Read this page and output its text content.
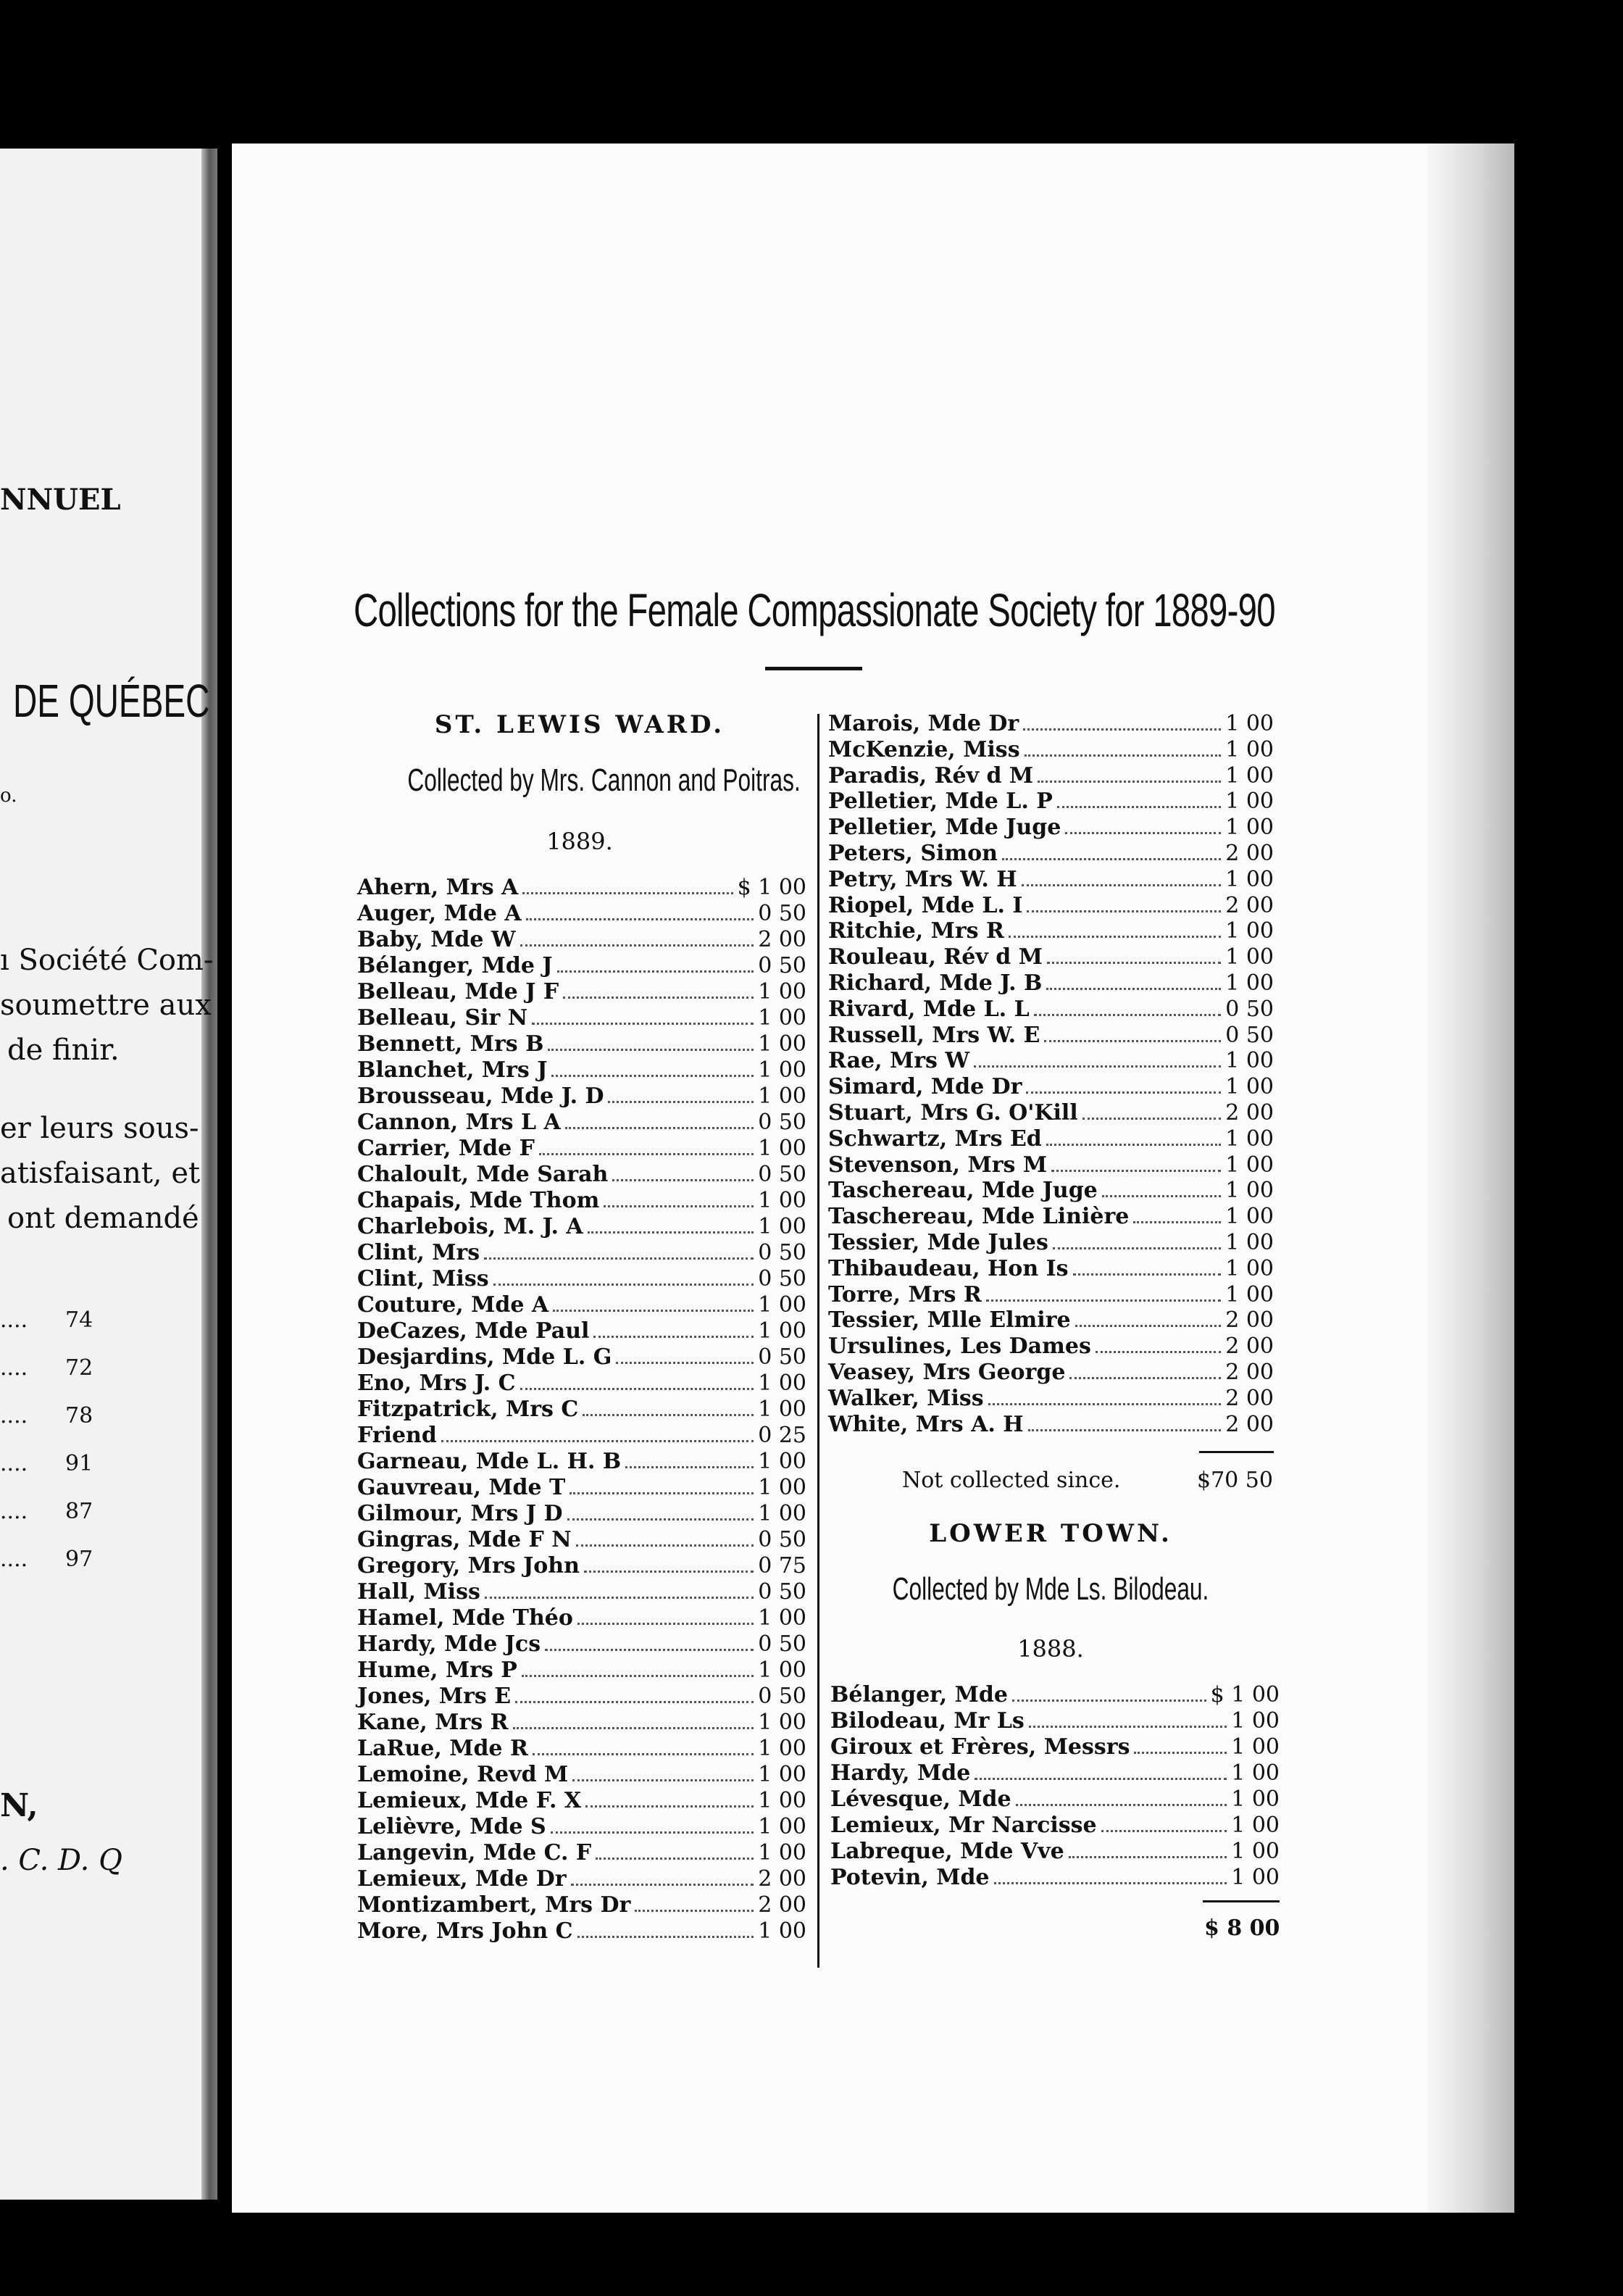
NNUEL
DE QUÉBEC
o.
ı Société Com-
soumettre aux
de finir.
er leurs sous-
atisfaisant, et
ont demandé
.... 74
.... 72
.... 78
.... 91
.... 87
.... 97
N,
. C. D. Q
Collections for the Female Compassionate Society for 1889-90
ST. LEWIS WARD.
Collected by Mrs. Cannon and Poitras.
1889.
Ahern, Mrs A	$ 1 00
Auger, Mde A	0 50
Baby, Mde W	2 00
Bélanger, Mde J	0 50
Belleau, Mde J F	1 00
Belleau, Sir N	1 00
Bennett, Mrs B	1 00
Blanchet, Mrs J	1 00
Brousseau, Mde J. D	1 00
Cannon, Mrs L A	0 50
Carrier, Mde F	1 00
Chaloult, Mde Sarah	0 50
Chapais, Mde Thom	1 00
Charlebois, M. J. A	1 00
Clint, Mrs	0 50
Clint, Miss	0 50
Couture, Mde A	1 00
DeCazes, Mde Paul	1 00
Desjardins, Mde L. G	0 50
Eno, Mrs J. C	1 00
Fitzpatrick, Mrs C	1 00
Friend	0 25
Garneau, Mde L. H. B	1 00
Gauvreau, Mde T	1 00
Gilmour, Mrs J D	1 00
Gingras, Mde F N	0 50
Gregory, Mrs John	0 75
Hall, Miss	0 50
Hamel, Mde Théo	1 00
Hardy, Mde Jcs	0 50
Hume, Mrs P	1 00
Jones, Mrs E	0 50
Kane, Mrs R	1 00
LaRue, Mde R	1 00
Lemoine, Revd M	1 00
Lemieux, Mde F. X	1 00
Lelièvre, Mde S	1 00
Langevin, Mde C. F	1 00
Lemieux, Mde Dr	2 00
Montizambert, Mrs Dr	2 00
More, Mrs John C	1 00
Marois, Mde Dr	1 00
McKenzie, Miss	1 00
Paradis, Rév d M	1 00
Pelletier, Mde L. P	1 00
Pelletier, Mde Juge	1 00
Peters, Simon	2 00
Petry, Mrs W. H	1 00
Riopel, Mde L. I	2 00
Ritchie, Mrs R	1 00
Rouleau, Rév d M	1 00
Richard, Mde J. B	1 00
Rivard, Mde L. L	0 50
Russell, Mrs W. E	0 50
Rae, Mrs W	1 00
Simard, Mde Dr	1 00
Stuart, Mrs G. O'Kill	2 00
Schwartz, Mrs Ed	1 00
Stevenson, Mrs M	1 00
Taschereau, Mde Juge	1 00
Taschereau, Mde Linière	1 00
Tessier, Mde Jules	1 00
Thibaudeau, Hon Is	1 00
Torre, Mrs R	1 00
Tessier, Mlle Elmire	2 00
Ursulines, Les Dames	2 00
Veasey, Mrs George	2 00
Walker, Miss	2 00
White, Mrs A. H	2 00
Not collected since.	$70 50
LOWER TOWN.
Collected by Mde Ls. Bilodeau.
1888.
Bélanger, Mde	$ 1 00
Bilodeau, Mr Ls	1 00
Giroux et Frères, Messrs	1 00
Hardy, Mde	1 00
Lévesque, Mde	1 00
Lemieux, Mr Narcisse	1 00
Labreque, Mde Vve	1 00
Potevin, Mde	1 00
$ 8 00
